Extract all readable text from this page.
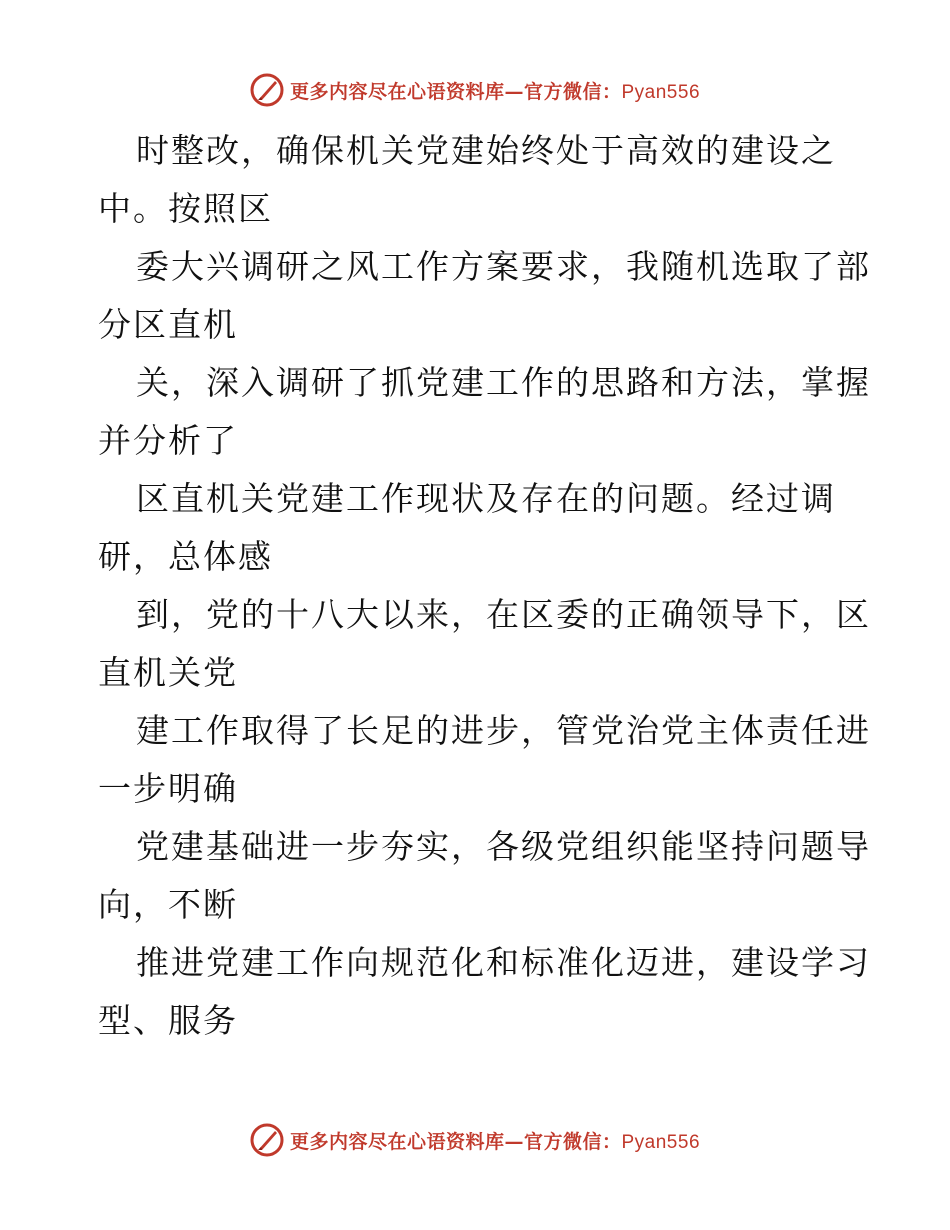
更多内容尽在心语资料库—官方微信：Pyan556
时整改，确保机关党建始终处于高效的建设之
中。按照区
委大兴调研之风工作方案要求，我随机选取了部
分区直机
关，深入调研了抓党建工作的思路和方法，掌握
并分析了
区直机关党建工作现状及存在的问题。经过调
研，总体感
到，党的十八大以来，在区委的正确领导下，区
直机关党
建工作取得了长足的进步，管党治党主体责任进
一步明确
党建基础进一步夯实，各级党组织能坚持问题导
向，不断
推进党建工作向规范化和标准化迈进，建设学习
型、服务
更多内容尽在心语资料库—官方微信：Pyan556
